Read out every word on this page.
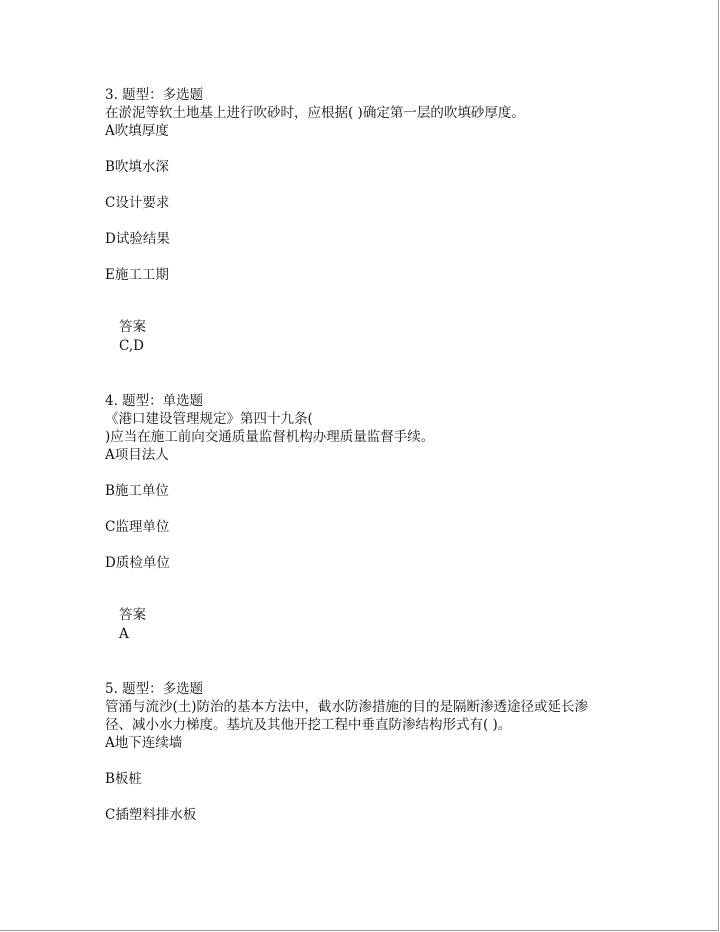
3. 题型：多选题
在淤泥等软土地基上进行吹砂时，应根据( )确定第一层的吹填砂厚度。
A吹填厚度
B吹填水深
C设计要求
D试验结果
E施工工期
答案
C,D
4. 题型：单选题
《港口建设管理规定》第四十九条(
)应当在施工前向交通质量监督机构办理质量监督手续。
A项目法人
B施工单位
C监理单位
D质检单位
答案
A
5. 题型：多选题
管涌与流沙(土)防治的基本方法中，截水防渗措施的目的是隔断渗透途径或延长渗
径、减小水力梯度。基坑及其他开挖工程中垂直防渗结构形式有( )。
A地下连续墙
B板桩
C插塑料排水板
